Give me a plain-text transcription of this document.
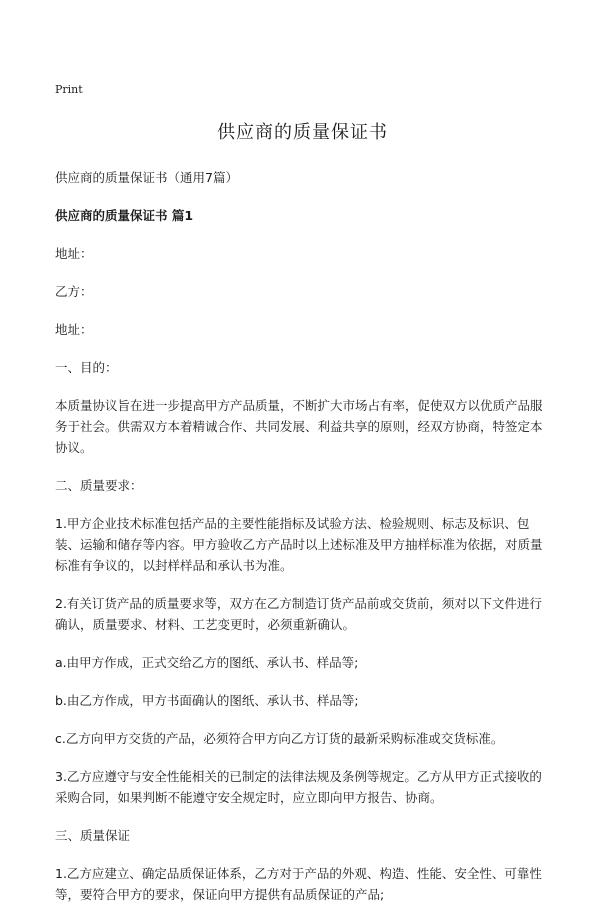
Print
供应商的质量保证书

供应商的质量保证书（通用7篇）

供应商的质量保证书 篇1

地址：

乙方：

地址：

一、目的：

本质量协议旨在进一步提高甲方产品质量，不断扩大市场占有率，促使双方以优质产品服务于社会。供需双方本着精诚合作、共同发展、利益共享的原则，经双方协商，特签定本协议。

二、质量要求：

1.甲方企业技术标准包括产品的主要性能指标及试验方法、检验规则、标志及标识、包装、运输和储存等内容。甲方验收乙方产品时以上述标准及甲方抽样标准为依据，对质量标准有争议的，以封样样品和承认书为准。

2.有关订货产品的质量要求等，双方在乙方制造订货产品前或交货前，须对以下文件进行确认，质量要求、材料、工艺变更时，必须重新确认。

a.由甲方作成，正式交给乙方的图纸、承认书、样品等;

b.由乙方作成，甲方书面确认的图纸、承认书、样品等;

c.乙方向甲方交货的产品，必须符合甲方向乙方订货的最新采购标准或交货标准。

3.乙方应遵守与安全性能相关的已制定的法律法规及条例等规定。乙方从甲方正式接收的采购合同，如果判断不能遵守安全规定时，应立即向甲方报告、协商。

三、质量保证

1.乙方应建立、确定品质保证体系，乙方对于产品的外观、构造、性能、安全性、可靠性等，要符合甲方的要求，保证向甲方提供有品质保证的产品;
